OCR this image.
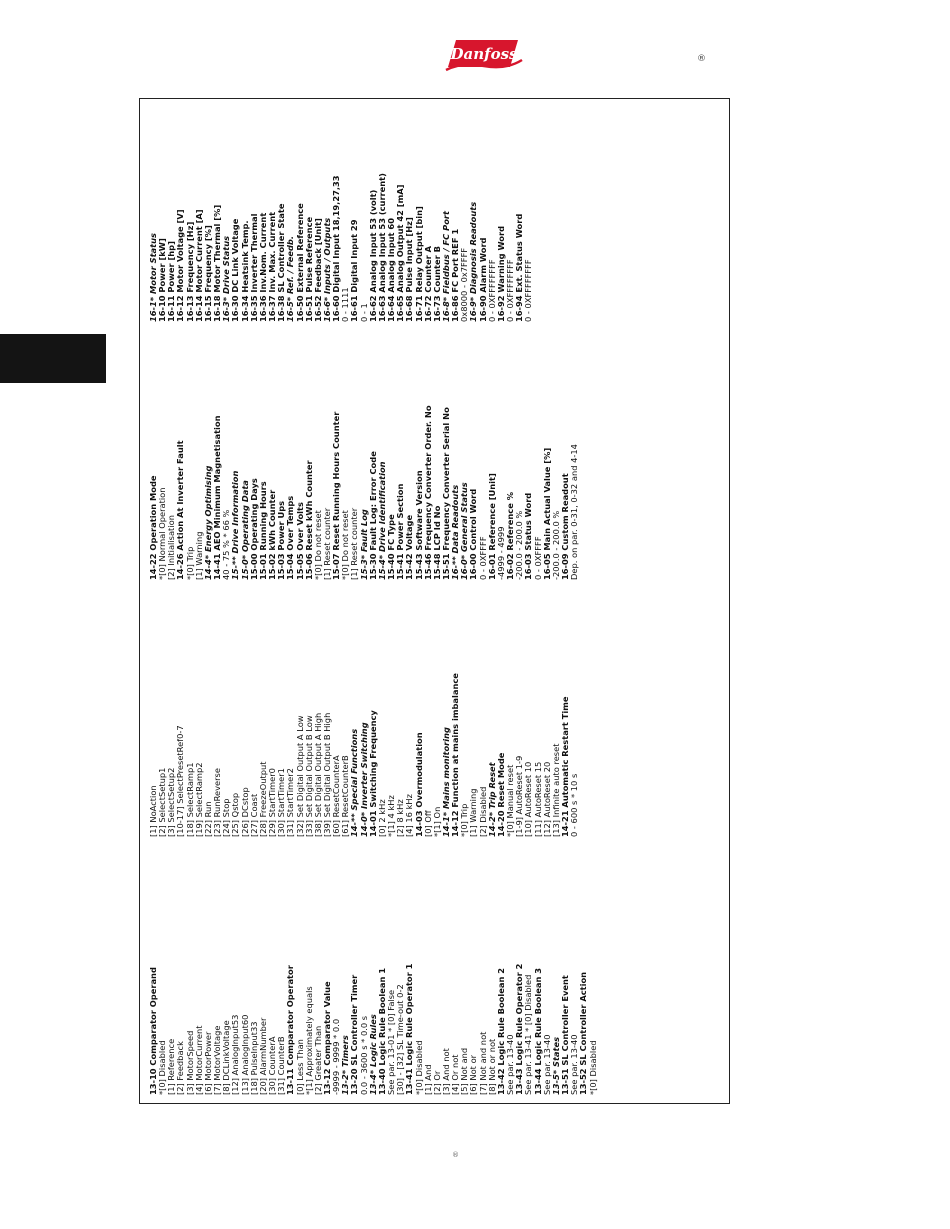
Danfoss	®
13-10 Comparator Operand *[0] Disabled [1] Reference [2] Feedback [3] MotorSpeed [4] MotorCurrent [6] MotorPower [7] MotorVoltage [8] DCLinkVoltage [12] AnalogInput53 [13] AnalogInput60 [18] PulseInput33 [20] AlarmNumber [30] CounterA [31] CounterB 13-11 Comparator Operator [0] Less Than *[1] Approximately equals [2] Greater Than 13-12 Comparator Value -9999 - 9999 * 0.0 13-2* Timers 13-20 SL Controller Timer 0.0 - 3600 s * 0.0 s 13-4* Logic Rules 13-40 Logic Rule Boolean 1 See par. 13-01 * [0] False [30] - [32] SL Time-out 0-2 13-41 Logic Rule Operator 1 *[0] Disabled [1] And [2] Or [3] And not [4] Or not [5] Not and [6] Not or [7] Not and not [8] Not or not 13-42 Logic Rule Boolean 2 See par. 13-40 13-43 Logic Rule Operator 2 See par. 13-41 * [0] Disabled 13-44 Logic Rule Boolean 3 See par. 13-40 13-5* States 13-51 SL Controller Event See par. 13-40 13-52 SL Controller Action *[0] Disabled
[1] NoAction [2] SelectSetup1 [3] SelectSetup2 [10-17] SelectPresetRef0-7 [18] SelectRamp1 [19] SelectRamp2 [22] Run [23] RunReverse [24] Stop [25] Qstop [26] DCstop [27] Coast [28] FreezeOutput [29] StartTimer0 [30] StartTimer1 [31] StartTimer2 [32] Set Digital Output A Low [33] Set Digital Output B Low [38] Set Digital Output A High [39] Set Digital Output B High [60] ResetCounterA [61] ResetCounterB 14-** Special Functions 14-0* Inverter Switching 14-01 Switching Frequency [0] 2 kHz *[1] 4 kHz [2] 8 kHz [4] 16 kHz 14-03 Overmodulation [0] Off *[1] On 14-1* Mains monitoring 14-12 Function at mains imbalance *[0] Trip [1] Warning [2] Disabled 14-2* Trip Reset 14-20 Reset Mode *[0] Manual reset [1-9] AutoReset 1-9 [10] AutoReset 10 [11] AutoReset 15 [12] AutoReset 20 [13] Infinite auto reset 14-21 Automatic Restart Time 0 - 600 s * 10 s
14-22 Operation Mode *[0] Normal Operation [2] Initialisation 14-26 Action At Inverter Fault *[0] Trip [1] Warning 14-4* Energy Optimising 14-41 AEO Minimum Magnetisation 40 - 75 % * 66 % 15-** Drive Information 15-0* Operating Data 15-00 Operating Days 15-01 Running Hours 15-02 kWh Counter 15-03 Power Ups 15-04 Over Temps 15-05 Over Volts 15-06 Reset kWh Counter *[0] Do not reset [1] Reset counter 15-07 Reset Running Hours Counter *[0] Do not reset [1] Reset counter 15-3* Fault Log 15-30 Fault Log: Error Code 15-4* Drive Identification 15-40 FC Type 15-41 Power Section 15-42 Voltage 15-43 Software Version 15-46 Frequency Converter Order. No 15-48 LCP Id No 15-51 Frequency Converter Serial No 16-** Data Readouts 16-0* General Status 16-00 Control Word 0 - 0XFFFF 16-01 Reference [Unit] -4999 - 4999 16-02 Reference % -200.0 - 200.0 % 16-03 Status Word 0 - 0XFFFF 16-05 Main Actual Value [%] -200.0 - 200.0 % 16-09 Custom Readout Dep. on par. 0-31, 0-32 and 4-14
16-1* Motor Status 16-10 Power [kW] 16-11 Power [hp] 16-12 Motor Voltage [V] 16-13 Frequency [Hz] 16-14 Motor Current [A] 16-15 Frequency [%] 16-18 Motor Thermal [%] 16-3* Drive Status 16-30 DC Link Voltage 16-34 Heatsink Temp. 16-35 Inverter Thermal 16-36 Inv.Nom. Current 16-37 Inv. Max. Current 16-38 SL Controller State 16-5* Ref. / Feedb. 16-50 External Reference 16-51 Pulse Reference 16-52 Feedback [Unit] 16-6* Inputs / Outputs 16-60 Digital Input 18,19,27,33 0 - 1111 16-61 Digital Input 29 0 - 1 16-62 Analog Input 53 (volt) 16-63 Analog Input 53 (current) 16-64 Analog Input 60 16-65 Analog Output 42 [mA] 16-68 Pulse Input [Hz] 16-71 Relay Output [bin] 16-72 Counter A 16-73 Counter B 16-8* Fieldbus / FC Port 16-86 FC Port REF 1 0x8000 - 0x7FFFF 16-9* Diagnosis Readouts 16-90 Alarm Word 0 - 0XFFFFFFFF 16-92 Warning Word 0 - 0XFFFFFFFF 16-94 Ext. Status Word 0 - 0XFFFFFFFF
®
